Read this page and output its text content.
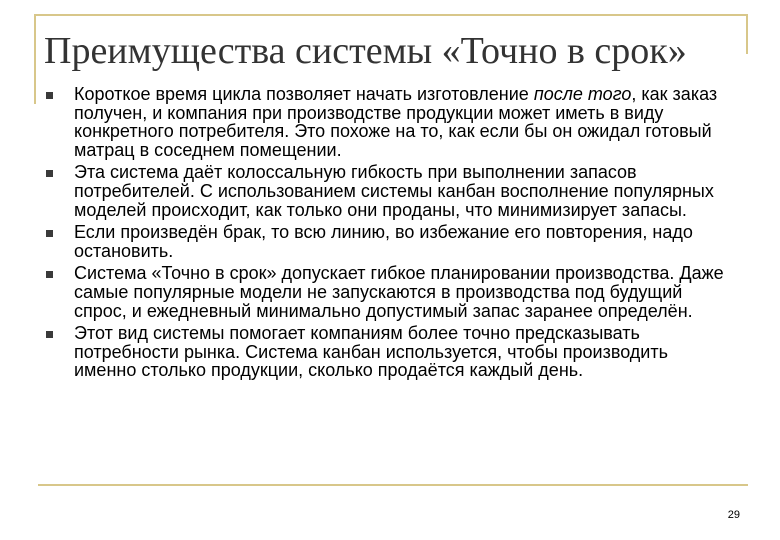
Преимущества системы «Точно в срок»
Короткое время цикла позволяет начать изготовление после того, как заказ получен, и компания при производстве продукции может иметь в виду конкретного потребителя. Это похоже на то, как если бы он ожидал готовый матрац в соседнем помещении.
Эта система даёт колоссальную гибкость при выполнении запасов потребителей. С использованием системы канбан восполнение популярных моделей происходит, как только они проданы, что минимизирует запасы.
Если произведён брак, то всю линию, во избежание его повторения, надо остановить.
Система «Точно в срок» допускает гибкое планировании производства. Даже самые популярные модели не запускаются в производства под будущий спрос, и ежедневный минимально допустимый запас заранее определён.
Этот вид системы помогает компаниям более точно предсказывать потребности рынка. Система канбан используется, чтобы производить именно столько продукции, сколько продаётся каждый день.
29
